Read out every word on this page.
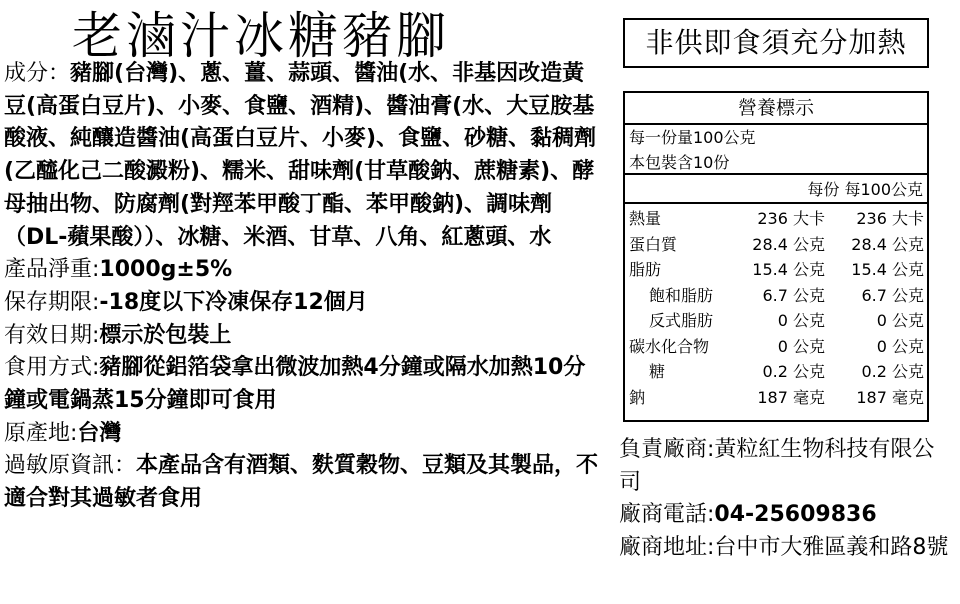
老滷汁冰糖豬腳

成分：豬腳(台灣)、蔥、薑、蒜頭、醬油(水、非基因改造黃豆(高蛋白豆片)、小麥、食鹽、酒精)、醬油膏(水、大豆胺基酸液、純釀造醬油(高蛋白豆片、小麥)、食鹽、砂糖、黏稠劑(乙醯化己二酸澱粉)、糯米、甜味劑(甘草酸鈉、蔗糖素)、酵母抽出物、防腐劑(對羥苯甲酸丁酯、苯甲酸鈉)、調味劑（DL-蘋果酸））、冰糖、米酒、甘草、八角、紅蔥頭、水

產品淨重:1000g±5%

保存期限:-18度以下冷凍保存12個月

有效日期:標示於包裝上

食用方式:豬腳從鋁箔袋拿出微波加熱4分鐘或隔水加熱10分鐘或電鍋蒸15分鐘即可食用

原產地:台灣

過敏原資訊：本產品含有酒類、麩質穀物、豆類及其製品，不適合對其過敏者食用

非供即食須充分加熱
營養標示
每一份量100公克
本包裝含10份
每份 每100公克
熱量	236 大卡 236 大卡
蛋白質	28.4 公克 28.4 公克
脂肪	15.4 公克 15.4 公克
飽和脂肪	6.7 公克 6.7 公克
反式脂肪	0 公克	0 公克
碳水化合物	0 公克	0 公克
糖	0.2 公克 0.2 公克
鈉	187 毫克 187 毫克

負責廠商:黃粒紅生物科技有限公司

廠商電話:04-25609836

廠商地址:台中市大雅區義和路8號
